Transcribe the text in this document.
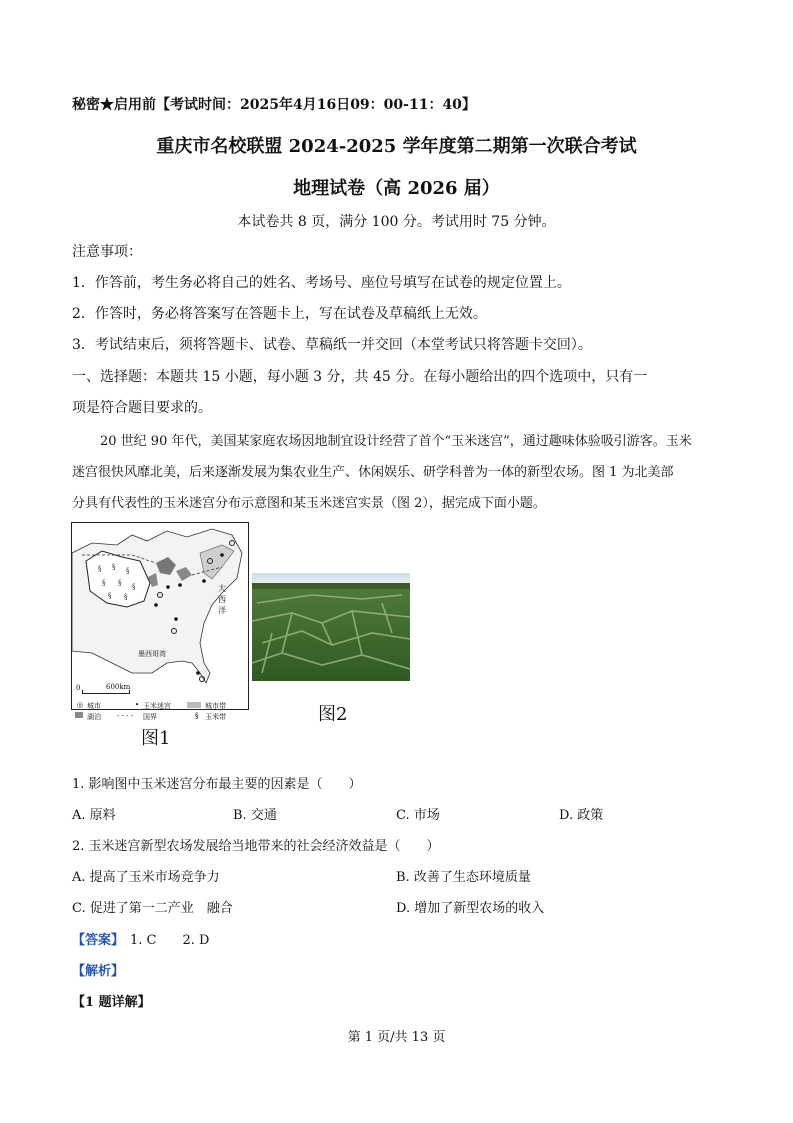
秘密★启用前【考试时间：2025年4月16日09：00-11：40】
重庆市名校联盟 2024-2025 学年度第二期第一次联合考试
地理试卷（高 2026 届）
本试卷共 8 页，满分 100 分。考试用时 75 分钟。
注意事项：
1．作答前，考生务必将自己的姓名、考场号、座位号填写在试卷的规定位置上。
2．作答时，务必将答案写在答题卡上，写在试卷及草稿纸上无效。
3．考试结束后，须将答题卡、试卷、草稿纸一并交回（本堂考试只将答题卡交回）。
一、选择题：本题共 15 小题，每小题 3 分，共 45 分。在每小题给出的四个选项中，只有一
项是符合题目要求的。
20 世纪 90 年代，美国某家庭农场因地制宜设计经营了首个“玉米迷宫”，通过趣味体验吸引游客。玉米
迷宫很快风靡北美，后来逐渐发展为集农业生产、休闲娱乐、研学科普为一体的新型农场。图 1 为北美部
分具有代表性的玉米迷宫分布示意图和某玉米迷宫实景（图 2），据完成下面小题。
§ § §
§ § §
§ §
大西洋
墨西哥湾
0	600km
◎ 城市	• 玉米迷宫	城市带
湖泊 - - - - 国界	§ 玉米带
图1
图2
1. 影响图中玉米迷宫分布最主要的因素是（　　）
A. 原料	B. 交通	C. 市场	D. 政策
2. 玉米迷宫新型农场发展给当地带来的社会经济效益是（　　）
A. 提高了玉米市场竞争力	B. 改善了生态环境质量
C. 促进了第一二产业　融合	D. 增加了新型农场的收入
【答案】 1. C　　2. D
【解析】
【1 题详解】
第 1 页/共 13 页
